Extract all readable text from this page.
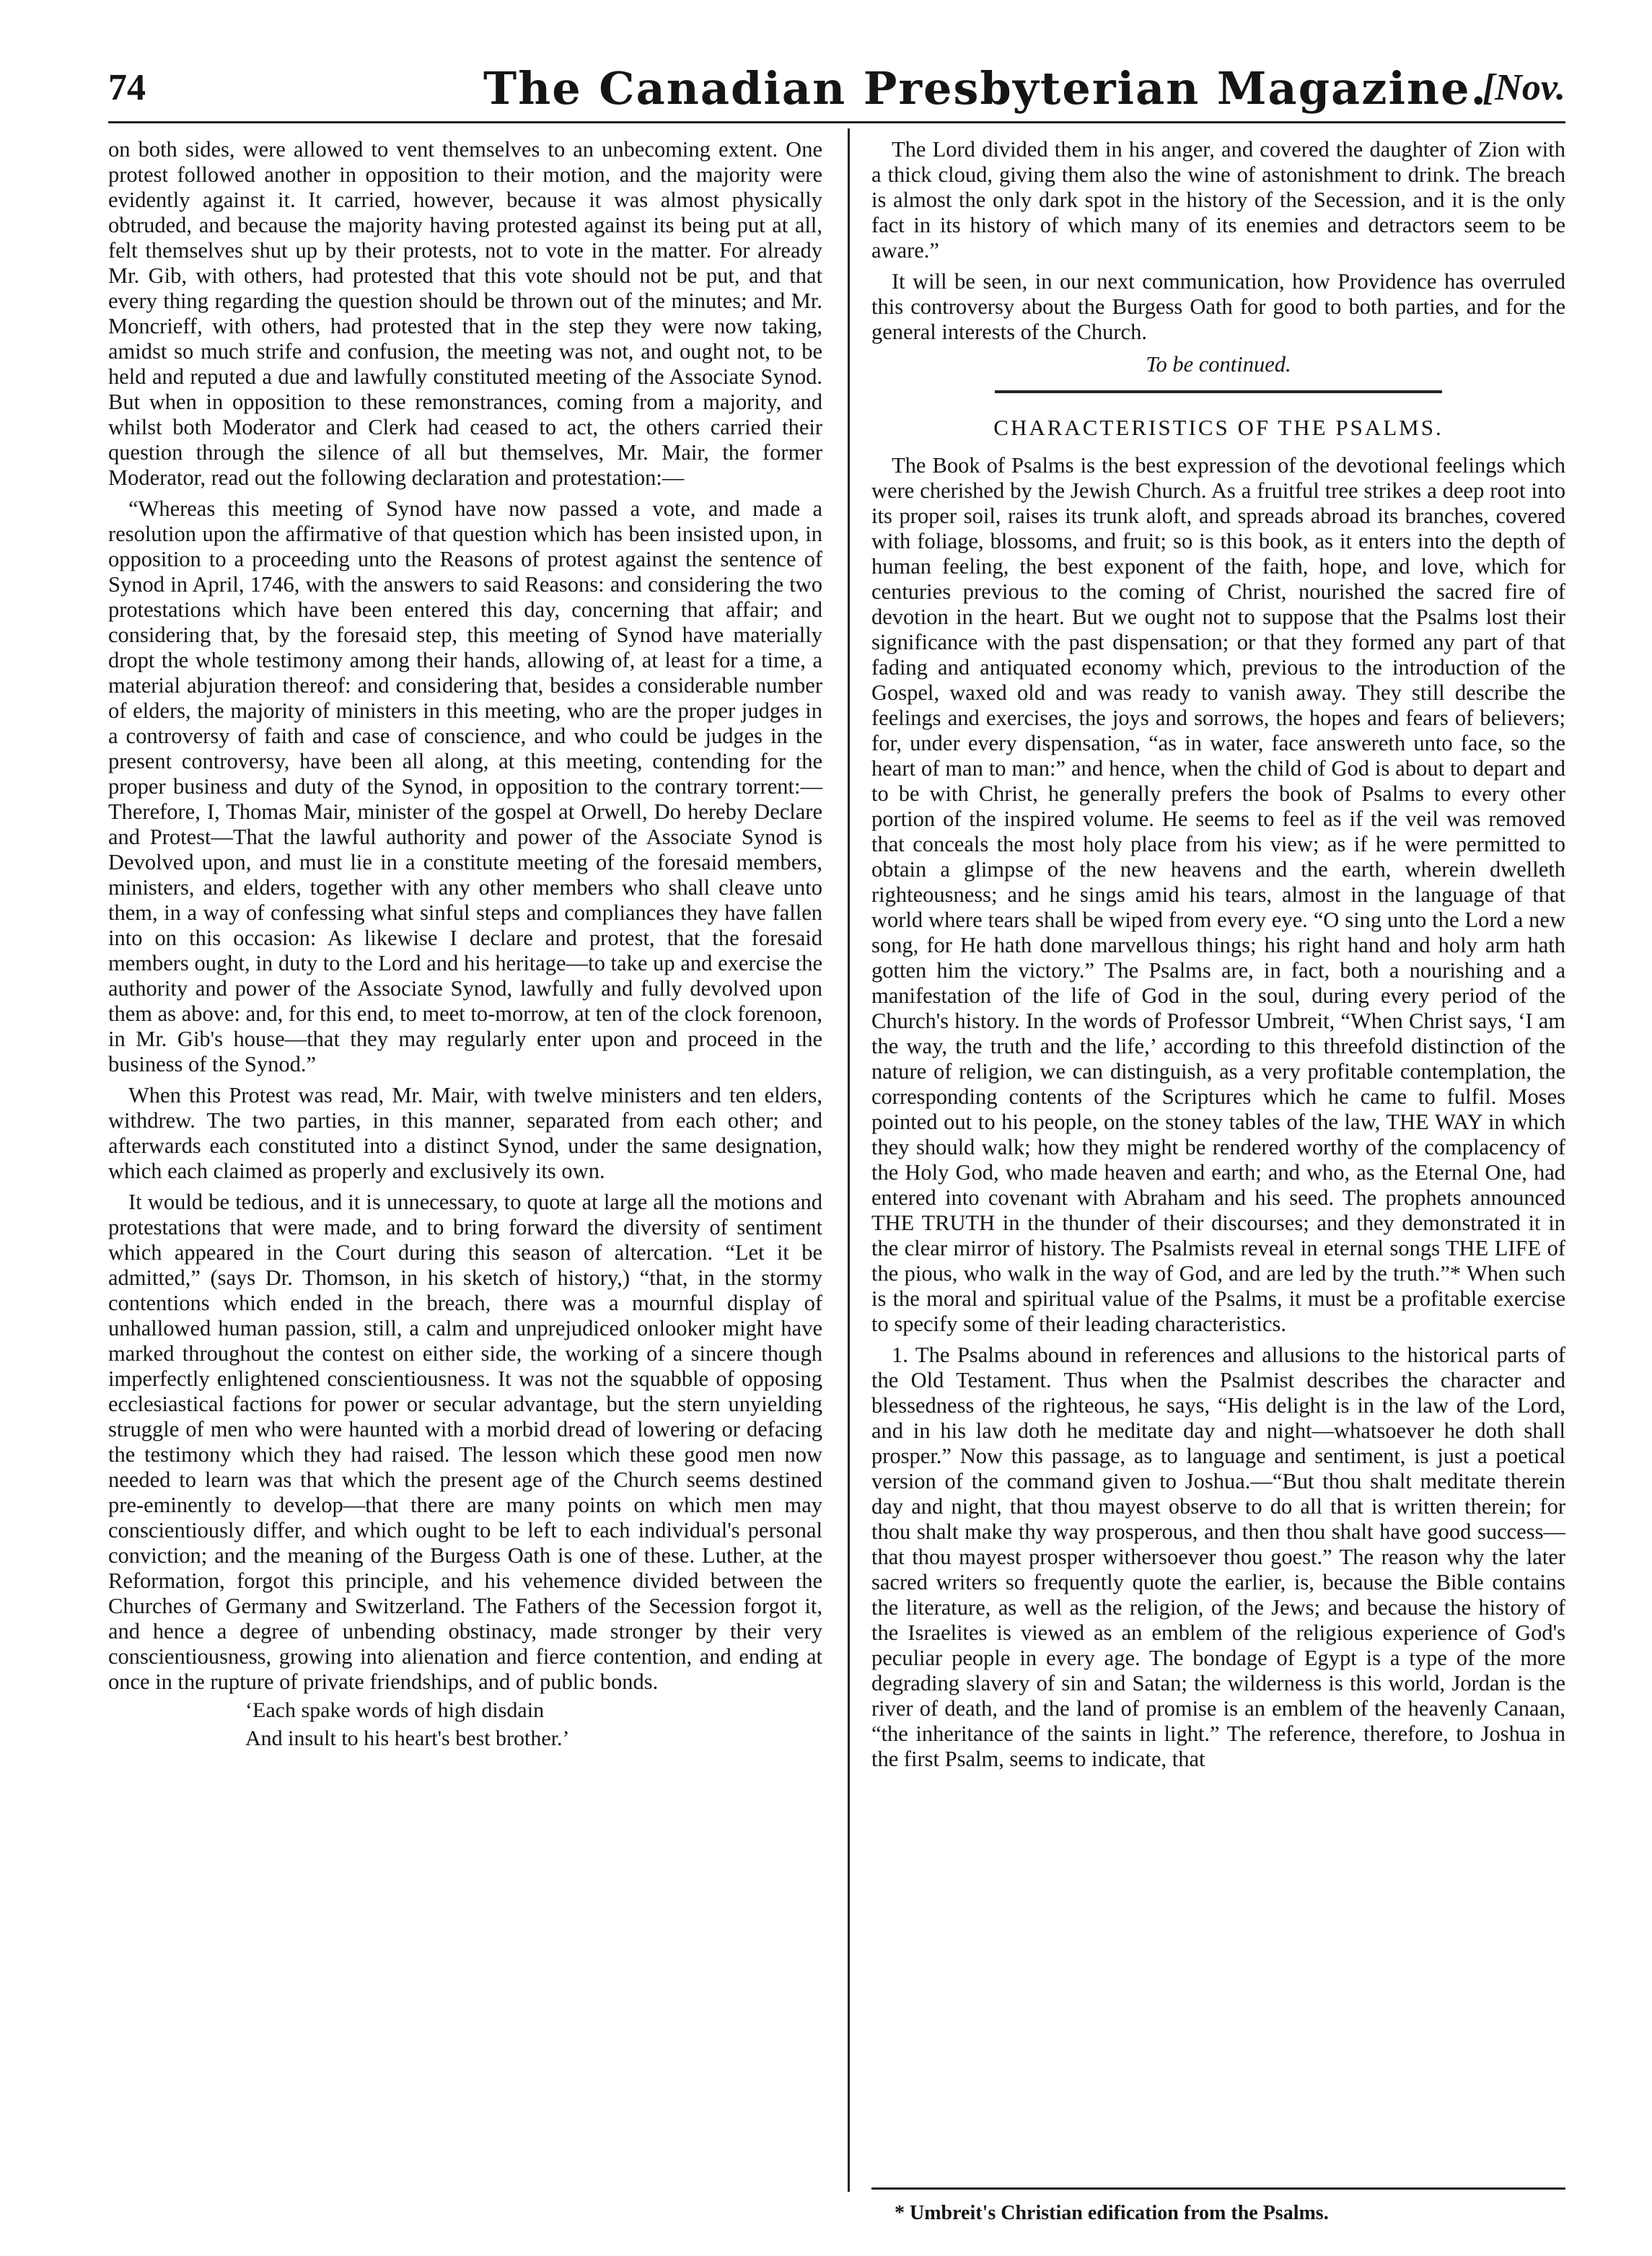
74	The Canadian Presbyterian Magazine.
[Nov.

on both sides, were allowed to vent themselves to an unbecoming extent. One protest followed another in opposition to their motion, and the majority were evidently against it. It carried, however, because it was almost physically obtruded, and because the majority having protested against its being put at all, felt themselves shut up by their protests, not to vote in the matter. For already Mr. Gib, with others, had protested that this vote should not be put, and that every thing regarding the question should be thrown out of the minutes; and Mr. Moncrieff, with others, had protested that in the step they were now taking, amidst so much strife and confusion, the meeting was not, and ought not, to be held and reputed a due and lawfully constituted meeting of the Associate Synod. But when in opposition to these remonstrances, coming from a majority, and whilst both Moderator and Clerk had ceased to act, the others carried their question through the silence of all but themselves, Mr. Mair, the former Moderator, read out the following declaration and protestation:—

“Whereas this meeting of Synod have now passed a vote, and made a resolution upon the affirmative of that question which has been insisted upon, in opposition to a proceeding unto the Reasons of protest against the sentence of Synod in April, 1746, with the answers to said Reasons: and considering the two protestations which have been entered this day, concerning that affair; and considering that, by the foresaid step, this meeting of Synod have materially dropt the whole testimony among their hands, allowing of, at least for a time, a material abjuration thereof: and considering that, besides a considerable number of elders, the majority of ministers in this meeting, who are the proper judges in a controversy of faith and case of conscience, and who could be judges in the present controversy, have been all along, at this meeting, contending for the proper business and duty of the Synod, in opposition to the contrary torrent:—Therefore, I, Thomas Mair, minister of the gospel at Orwell, Do hereby Declare and Protest—That the lawful authority and power of the Associate Synod is Devolved upon, and must lie in a constitute meeting of the foresaid members, ministers, and elders, together with any other members who shall cleave unto them, in a way of confessing what sinful steps and compliances they have fallen into on this occasion: As likewise I declare and protest, that the foresaid members ought, in duty to the Lord and his heritage—to take up and exercise the authority and power of the Associate Synod, lawfully and fully devolved upon them as above: and, for this end, to meet to-morrow, at ten of the clock forenoon, in Mr. Gib's house—that they may regularly enter upon and proceed in the business of the Synod.”

When this Protest was read, Mr. Mair, with twelve ministers and ten elders, withdrew. The two parties, in this manner, separated from each other; and afterwards each constituted into a distinct Synod, under the same designation, which each claimed as properly and exclusively its own.

It would be tedious, and it is unnecessary, to quote at large all the motions and protestations that were made, and to bring forward the diversity of sentiment which appeared in the Court during this season of altercation. “Let it be admitted,” (says Dr. Thomson, in his sketch of history,) “that, in the stormy contentions which ended in the breach, there was a mournful display of unhallowed human passion, still, a calm and unprejudiced onlooker might have marked throughout the contest on either side, the working of a sincere though imperfectly enlightened conscientiousness. It was not the squabble of opposing ecclesiastical factions for power or secular advantage, but the stern unyielding struggle of men who were haunted with a morbid dread of lowering or defacing the testimony which they had raised. The lesson which these good men now needed to learn was that which the present age of the Church seems destined pre-eminently to develop—that there are many points on which men may conscientiously differ, and which ought to be left to each individual's personal conviction; and the meaning of the Burgess Oath is one of these. Luther, at the Reformation, forgot this principle, and his vehemence divided between the Churches of Germany and Switzerland. The Fathers of the Secession forgot it, and hence a degree of unbending obstinacy, made stronger by their very conscientiousness, growing into alienation and fierce contention, and ending at once in the rupture of private friendships, and of public bonds.

‘Each spake words of high disdain

And insult to his heart's best brother.’

The Lord divided them in his anger, and covered the daughter of Zion with a thick cloud, giving them also the wine of astonishment to drink. The breach is almost the only dark spot in the history of the Secession, and it is the only fact in its history of which many of its enemies and detractors seem to be aware.”

It will be seen, in our next communication, how Providence has overruled this controversy about the Burgess Oath for good to both parties, and for the general interests of the Church.

To be continued.

CHARACTERISTICS OF THE PSALMS.

The Book of Psalms is the best expression of the devotional feelings which were cherished by the Jewish Church. As a fruitful tree strikes a deep root into its proper soil, raises its trunk aloft, and spreads abroad its branches, covered with foliage, blossoms, and fruit; so is this book, as it enters into the depth of human feeling, the best exponent of the faith, hope, and love, which for centuries previous to the coming of Christ, nourished the sacred fire of devotion in the heart. But we ought not to suppose that the Psalms lost their significance with the past dispensation; or that they formed any part of that fading and antiquated economy which, previous to the introduction of the Gospel, waxed old and was ready to vanish away. They still describe the feelings and exercises, the joys and sorrows, the hopes and fears of believers; for, under every dispensation, “as in water, face answereth unto face, so the heart of man to man:” and hence, when the child of God is about to depart and to be with Christ, he generally prefers the book of Psalms to every other portion of the inspired volume. He seems to feel as if the veil was removed that conceals the most holy place from his view; as if he were permitted to obtain a glimpse of the new heavens and the earth, wherein dwelleth righteousness; and he sings amid his tears, almost in the language of that world where tears shall be wiped from every eye. “O sing unto the Lord a new song, for He hath done marvellous things; his right hand and holy arm hath gotten him the victory.” The Psalms are, in fact, both a nourishing and a manifestation of the life of God in the soul, during every period of the Church's history. In the words of Professor Umbreit, “When Christ says, ‘I am the way, the truth and the life,’ according to this threefold distinction of the nature of religion, we can distinguish, as a very profitable contemplation, the corresponding contents of the Scriptures which he came to fulfil. Moses pointed out to his people, on the stoney tables of the law, THE WAY in which they should walk; how they might be rendered worthy of the complacency of the Holy God, who made heaven and earth; and who, as the Eternal One, had entered into covenant with Abraham and his seed. The prophets announced THE TRUTH in the thunder of their discourses; and they demonstrated it in the clear mirror of history. The Psalmists reveal in eternal songs THE LIFE of the pious, who walk in the way of God, and are led by the truth.”* When such is the moral and spiritual value of the Psalms, it must be a profitable exercise to specify some of their leading characteristics.

1. The Psalms abound in references and allusions to the historical parts of the Old Testament. Thus when the Psalmist describes the character and blessedness of the righteous, he says, “His delight is in the law of the Lord, and in his law doth he meditate day and night—whatsoever he doth shall prosper.” Now this passage, as to language and sentiment, is just a poetical version of the command given to Joshua.—“But thou shalt meditate therein day and night, that thou mayest observe to do all that is written therein; for thou shalt make thy way prosperous, and then thou shalt have good success—that thou mayest prosper withersoever thou goest.” The reason why the later sacred writers so frequently quote the earlier, is, because the Bible contains the literature, as well as the religion, of the Jews; and because the history of the Israelites is viewed as an emblem of the religious experience of God's peculiar people in every age. The bondage of Egypt is a type of the more degrading slavery of sin and Satan; the wilderness is this world, Jordan is the river of death, and the land of promise is an emblem of the heavenly Canaan, “the inheritance of the saints in light.” The reference, therefore, to Joshua in the first Psalm, seems to indicate, that

* Umbreit's Christian edification from the Psalms.
